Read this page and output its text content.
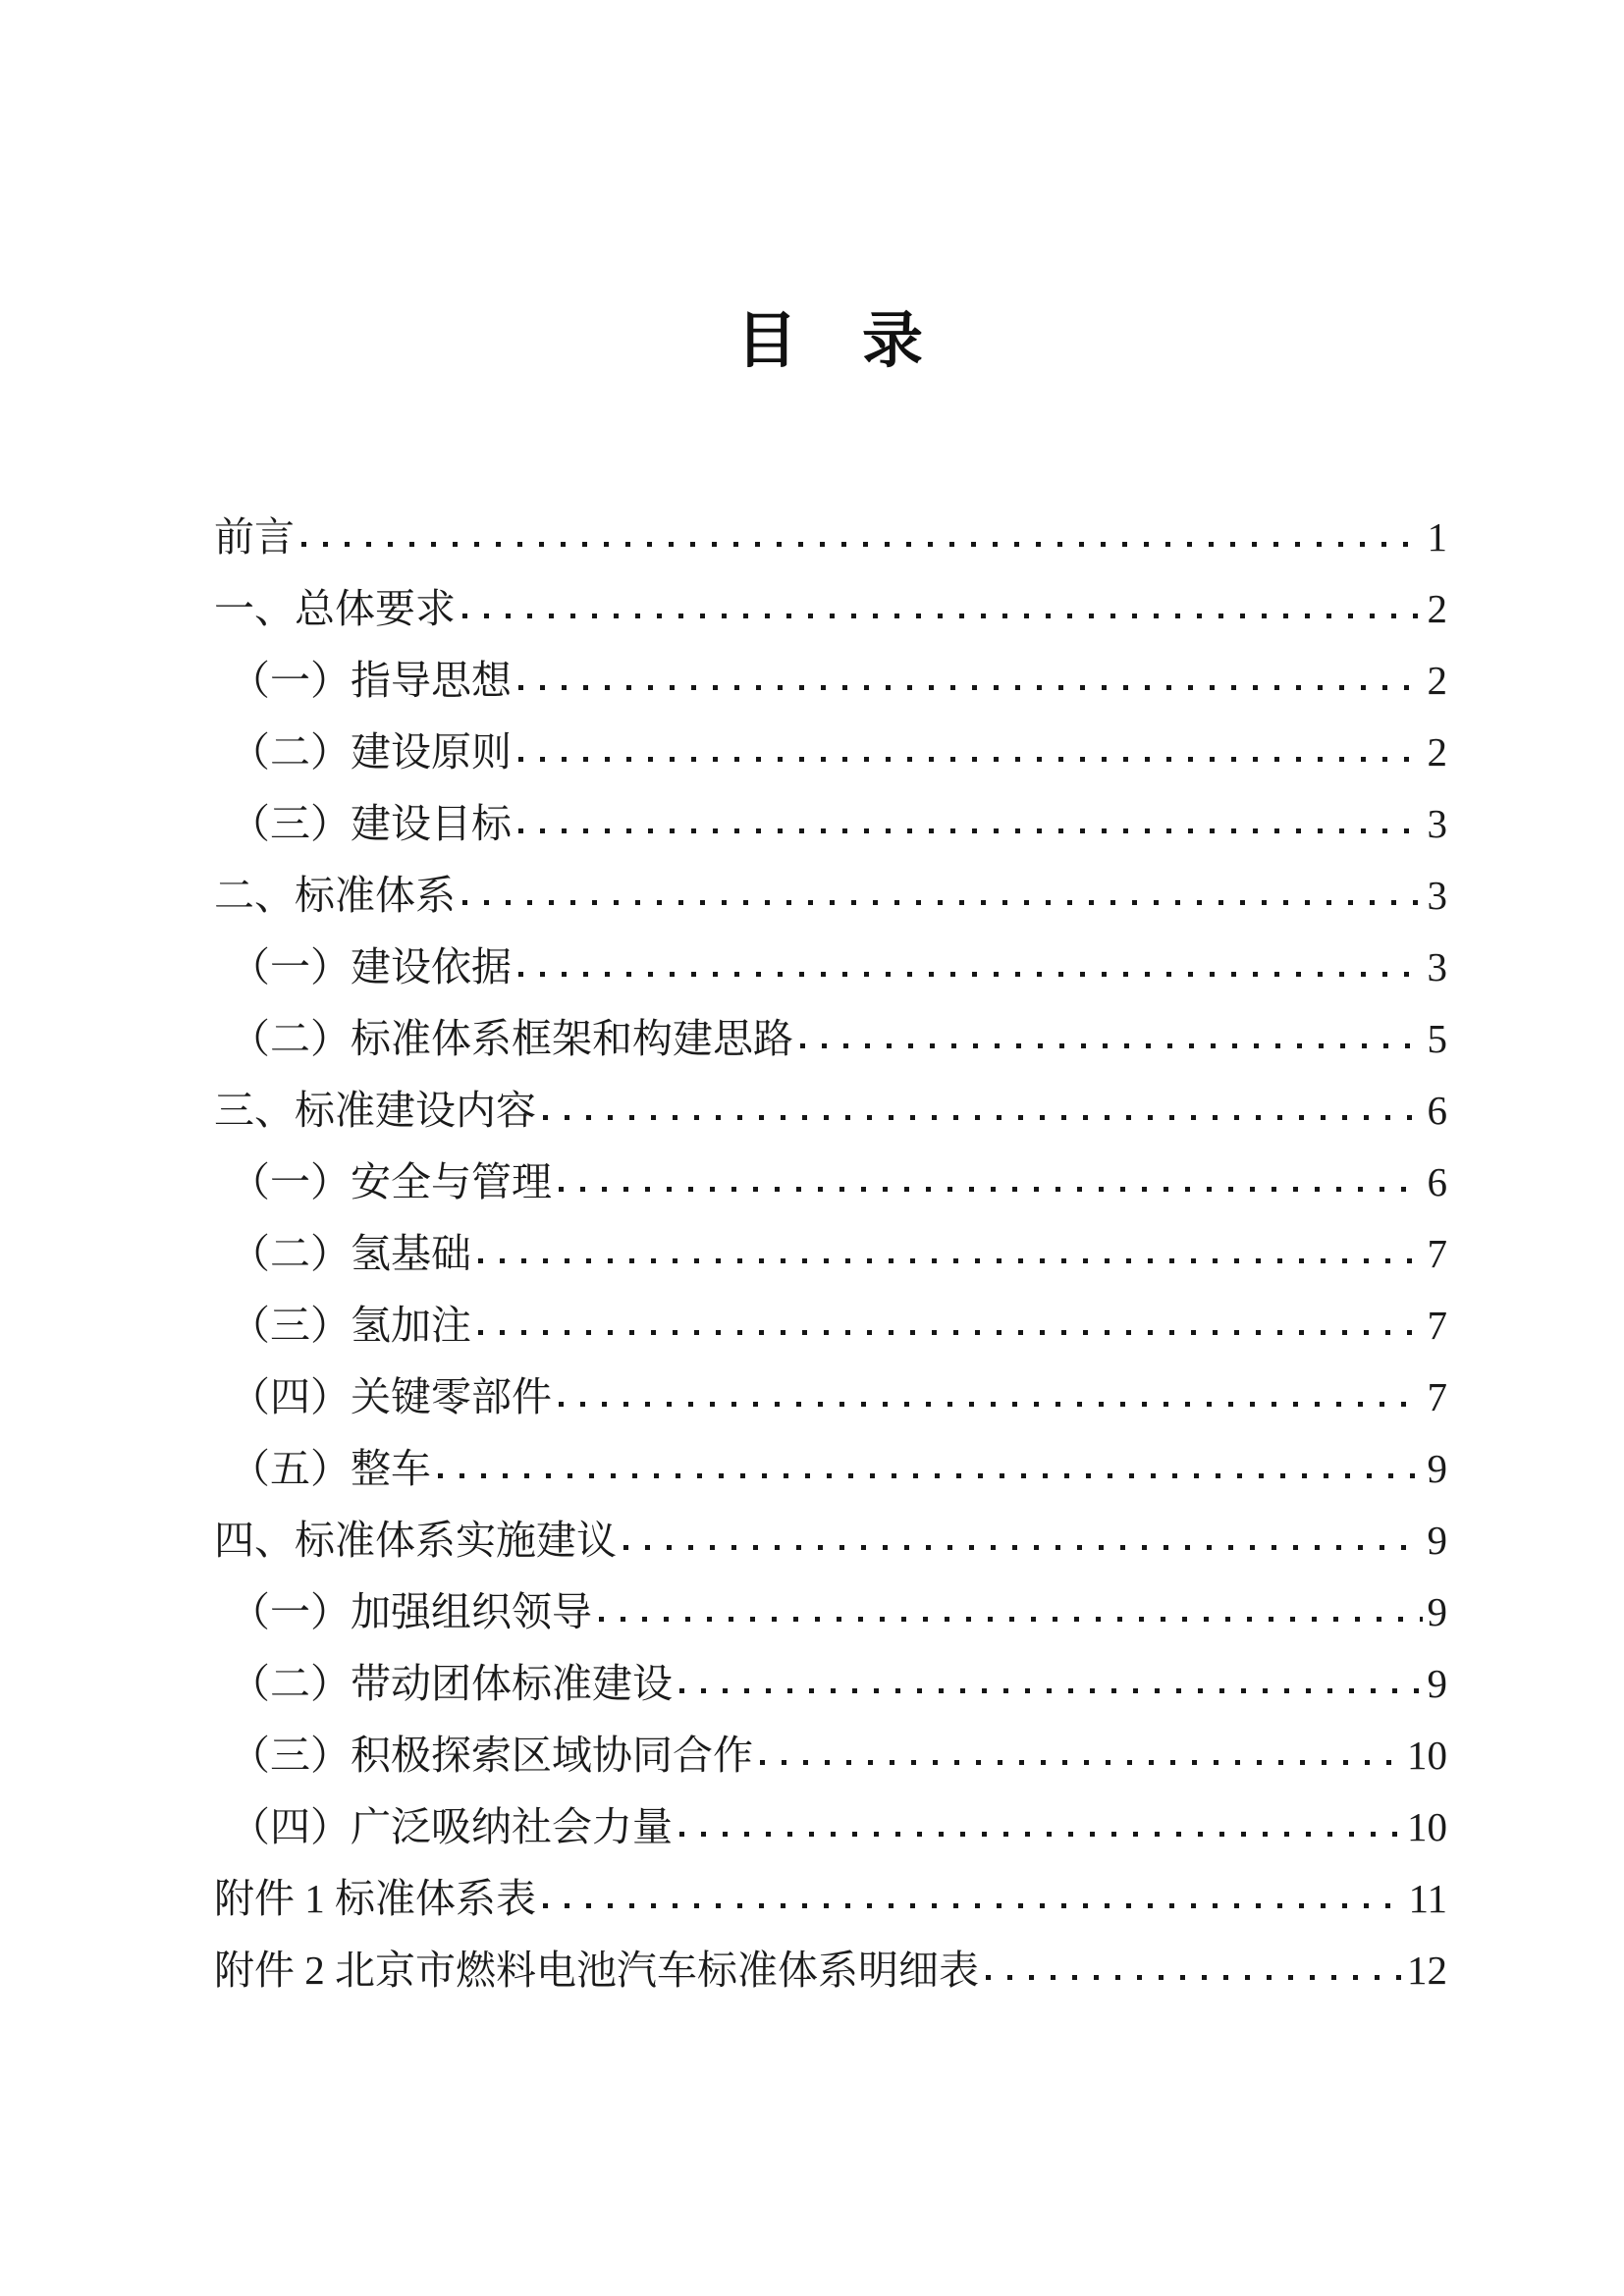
目　录
前言	1
一、总体要求	2
（一）指导思想	2
（二）建设原则	2
（三）建设目标	3
二、标准体系	3
（一）建设依据	3
（二）标准体系框架和构建思路	5
三、标准建设内容	6
（一）安全与管理	6
（二）氢基础	7
（三）氢加注	7
（四）关键零部件	7
（五）整车	9
四、标准体系实施建议	9
（一）加强组织领导	9
（二）带动团体标准建设	9
（三）积极探索区域协同合作	10
（四）广泛吸纳社会力量	10
附件 1 标准体系表	11
附件 2 北京市燃料电池汽车标准体系明细表	12
